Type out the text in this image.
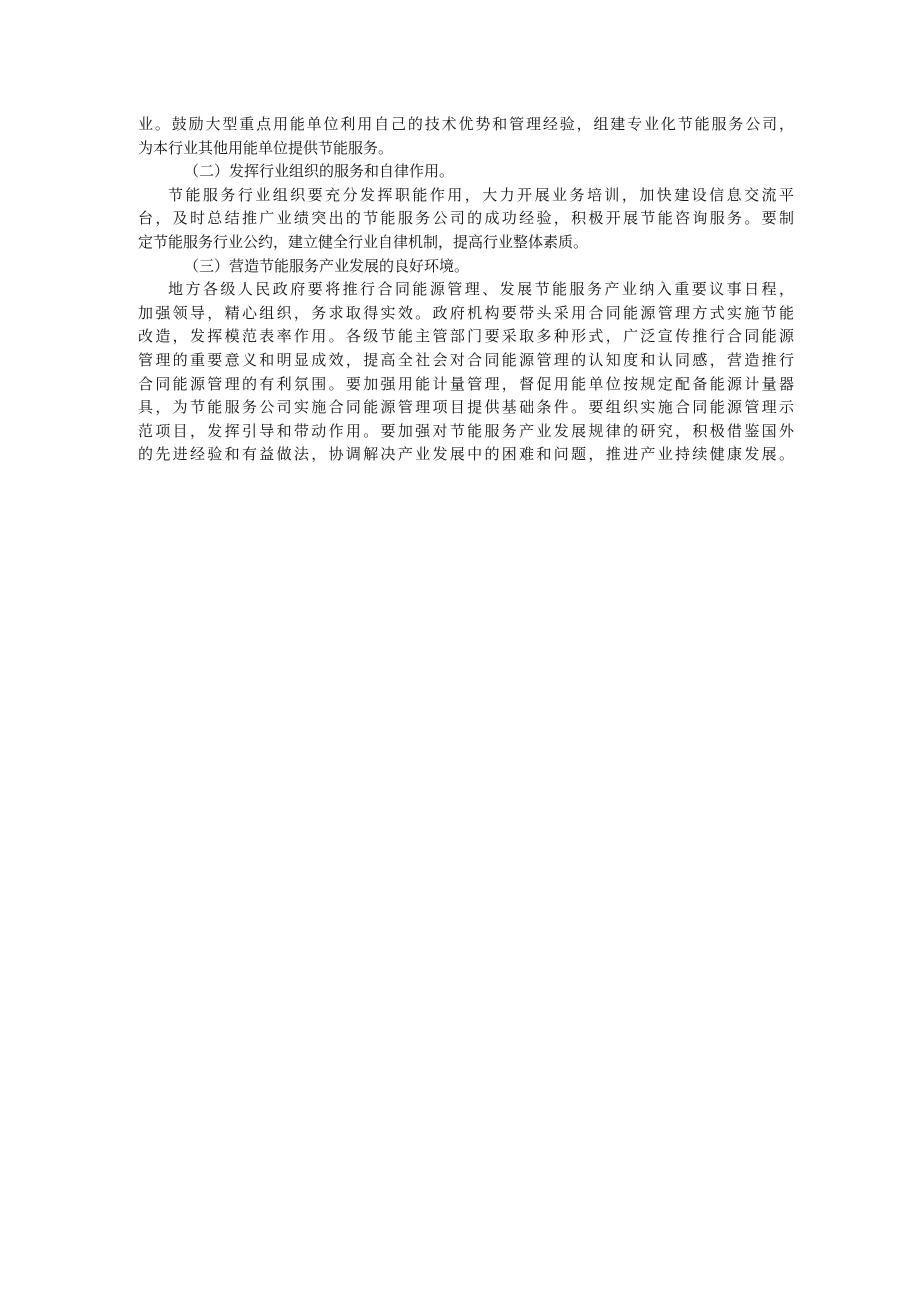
业。鼓励大型重点用能单位利用自己的技术优势和管理经验，组建专业化节能服务公司，
为本行业其他用能单位提供节能服务。
（二）发挥行业组织的服务和自律作用。
节能服务行业组织要充分发挥职能作用，大力开展业务培训，加快建设信息交流平
台，及时总结推广业绩突出的节能服务公司的成功经验，积极开展节能咨询服务。要制
定节能服务行业公约，建立健全行业自律机制，提高行业整体素质。
（三）营造节能服务产业发展的良好环境。
地方各级人民政府要将推行合同能源管理、发展节能服务产业纳入重要议事日程，
加强领导，精心组织，务求取得实效。政府机构要带头采用合同能源管理方式实施节能
改造，发挥模范表率作用。各级节能主管部门要采取多种形式，广泛宣传推行合同能源
管理的重要意义和明显成效，提高全社会对合同能源管理的认知度和认同感，营造推行
合同能源管理的有利氛围。要加强用能计量管理，督促用能单位按规定配备能源计量器
具，为节能服务公司实施合同能源管理项目提供基础条件。要组织实施合同能源管理示
范项目，发挥引导和带动作用。要加强对节能服务产业发展规律的研究，积极借鉴国外
的先进经验和有益做法，协调解决产业发展中的困难和问题，推进产业持续健康发展。
